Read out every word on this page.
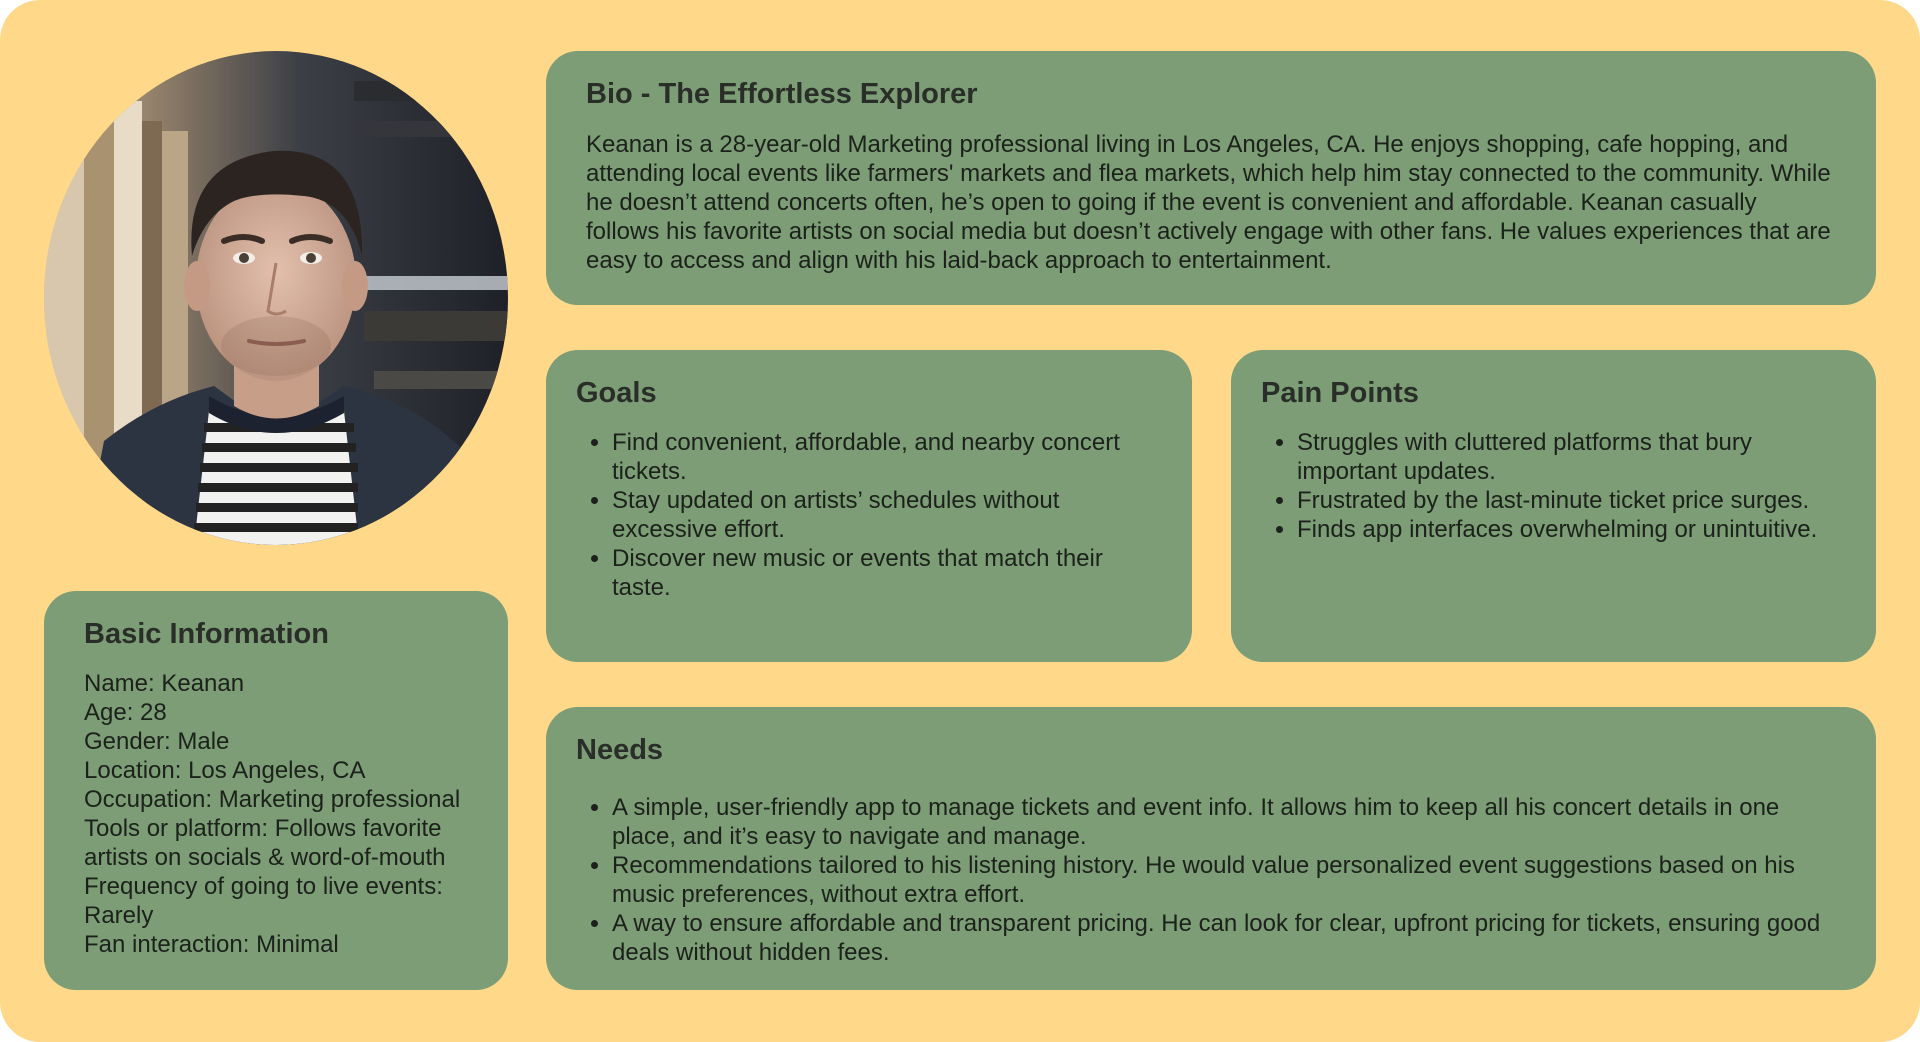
Bio - The Effortless Explorer

Keanan is a 28-year-old Marketing professional living in Los Angeles, CA. He enjoys shopping, cafe hopping, and attending local events like farmers' markets and flea markets, which help him stay connected to the community. While he doesn’t attend concerts often, he’s open to going if the event is convenient and affordable. Keanan casually follows his favorite artists on social media but doesn’t actively engage with other fans. He values experiences that are easy to access and align with his laid-back approach to entertainment.

Goals
• Find convenient, affordable, and nearby concert tickets.
• Stay updated on artists’ schedules without excessive effort.
• Discover new music or events that match their taste.
Pain Points
• Struggles with cluttered platforms that bury important updates.
• Frustrated by the last-minute ticket price surges.
• Finds app interfaces overwhelming or unintuitive.
Needs
• A simple, user-friendly app to manage tickets and event info. It allows him to keep all his concert details in one place, and it’s easy to navigate and manage.
• Recommendations tailored to his listening history. He would value personalized event suggestions based on his music preferences, without extra effort.
• A way to ensure affordable and transparent pricing. He can look for clear, upfront pricing for tickets, ensuring good deals without hidden fees.
Basic Information
Name: Keanan
Age: 28
Gender: Male
Location: Los Angeles, CA
Occupation: Marketing professional
Tools or platform: Follows favorite artists on socials & word-of-mouth
Frequency of going to live events: Rarely
Fan interaction: Minimal
